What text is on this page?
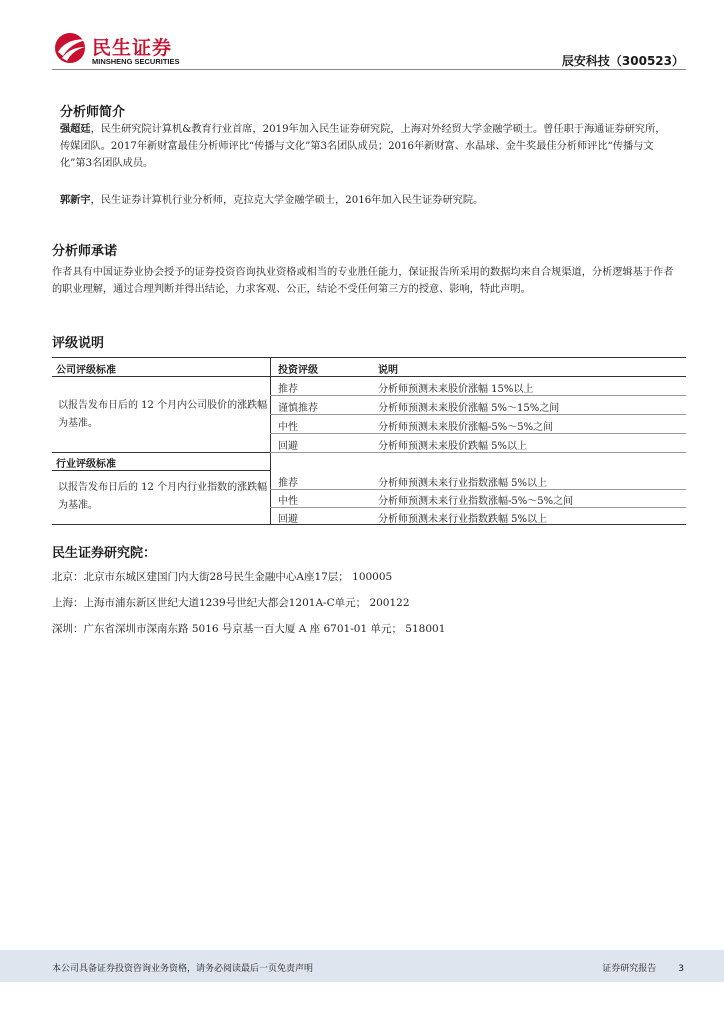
民生证券
MINSHENG SECURITIES	辰安科技（300523）
分析师简介
强超廷，民生研究院计算机&教育行业首席，2019年加入民生证券研究院，上海对外经贸大学金融学硕士。曾任职于海通证券研究所，传媒团队。2017年新财富最佳分析师评比“传播与文化”第3名团队成员；2016年新财富、水晶球、金牛奖最佳分析师评比“传播与文化”第3名团队成员。
郭新宇，民生证券计算机行业分析师，克拉克大学金融学硕士，2016年加入民生证券研究院。
分析师承诺
作者具有中国证券业协会授予的证券投资咨询执业资格或相当的专业胜任能力，保证报告所采用的数据均来自合规渠道，分析逻辑基于作者的职业理解，通过合理判断并得出结论，力求客观、公正，结论不受任何第三方的授意、影响，特此声明。
评级说明
公司评级标准	投资评级	说明
以报告发布日后的 12 个月内公司股价的涨跌幅为基准。
推荐	分析师预测未来股价涨幅 15%以上
谨慎推荐	分析师预测未来股价涨幅 5%～15%之间
中性	分析师预测未来股价涨幅-5%～5%之间
回避	分析师预测未来股价跌幅 5%以上
行业评级标准
以报告发布日后的 12 个月内行业指数的涨跌幅为基准。
推荐	分析师预测未来行业指数涨幅 5%以上
中性	分析师预测未来行业指数涨幅-5%～5%之间
回避	分析师预测未来行业指数跌幅 5%以上
民生证券研究院：
北京：北京市东城区建国门内大街28号民生金融中心A座17层； 100005
上海：上海市浦东新区世纪大道1239号世纪大都会1201A-C单元； 200122
深圳：广东省深圳市深南东路 5016 号京基一百大厦 A 座 6701-01 单元； 518001
本公司具备证券投资咨询业务资格，请务必阅读最后一页免责声明	证券研究报告 3
